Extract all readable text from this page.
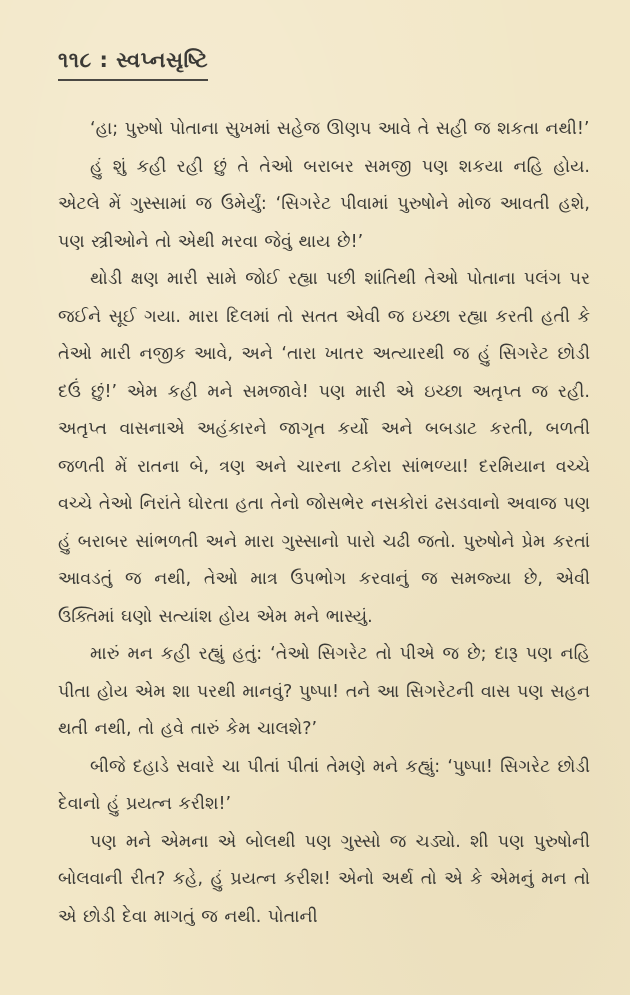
૧૧૮ : સ્વપ્નસૃષ્ટિ

‘હા; પુરુષો પોતાના સુખમાં સહેજ ઊણપ આવે તે સહી જ શકતા નથી!’

હું શું કહી રહી છું તે તેઓ બરાબર સમજી પણ શકયા નહિ હોય. એટલે મેં ગુસ્સામાં જ ઉમેર્યું: ‘સિગરેટ પીવામાં પુરુષોને મોજ આવતી હશે, પણ સ્ત્રીઓને તો એથી મરવા જેવું થાય છે!’

થોડી ક્ષણ મારી સામે જોઈ રહ્યા પછી શાંતિથી તેઓ પોતાના પલંગ પર જઈને સૂઈ ગયા. મારા દિલમાં તો સતત એવી જ ઇચ્છા રહ્યા કરતી હતી કે તેઓ મારી નજીક આવે, અને ‘તારા ખાતર અત્યારથી જ હું સિગરેટ છોડી દઉં છું!’ એમ કહી મને સમજાવે! પણ મારી એ ઇચ્છા અતૃપ્ત જ રહી. અતૃપ્ત વાસનાએ અહંકારને જાગૃત કર્યો અને બબડાટ કરતી, બળતી જળતી મેં રાતના બે, ત્રણ અને ચારના ટકોરા સાંભળ્યા! દરમિયાન વચ્ચે વચ્ચે તેઓ નિરાંતે ઘોરતા હતા તેનો જોસભેર નસકોરાં ઢસડવાનો અવાજ પણ હું બરાબર સાંભળતી અને મારા ગુસ્સાનો પારો ચઢી જતો. પુરુષોને પ્રેમ કરતાં આવડતું જ નથી, તેઓ માત્ર ઉપભોગ કરવાનું જ સમજ્યા છે, એવી ઉક્તિમાં ઘણો સત્યાંશ હોય એમ મને ભાસ્યું.

મારું મન કહી રહ્યું હતું: ‘તેઓ સિગરેટ તો પીએ જ છે; દારૂ પણ નહિ પીતા હોય એમ શા પરથી માનવું? પુષ્પા! તને આ સિગરેટની વાસ પણ સહન થતી નથી, તો હવે તારું કેમ ચાલશે?’

બીજે દહાડે સવારે ચા પીતાં પીતાં તેમણે મને કહ્યું: ‘પુષ્પા! સિગરેટ છોડી દેવાનો હું પ્રયત્ન કરીશ!’

પણ મને એમના એ બોલથી પણ ગુસ્સો જ ચડ્યો. શી પણ પુરુષોની બોલવાની રીત? કહે, હું પ્રયત્ન કરીશ! એનો અર્થ તો એ કે એમનું મન તો એ છોડી દેવા માગતું જ નથી. પોતાની
